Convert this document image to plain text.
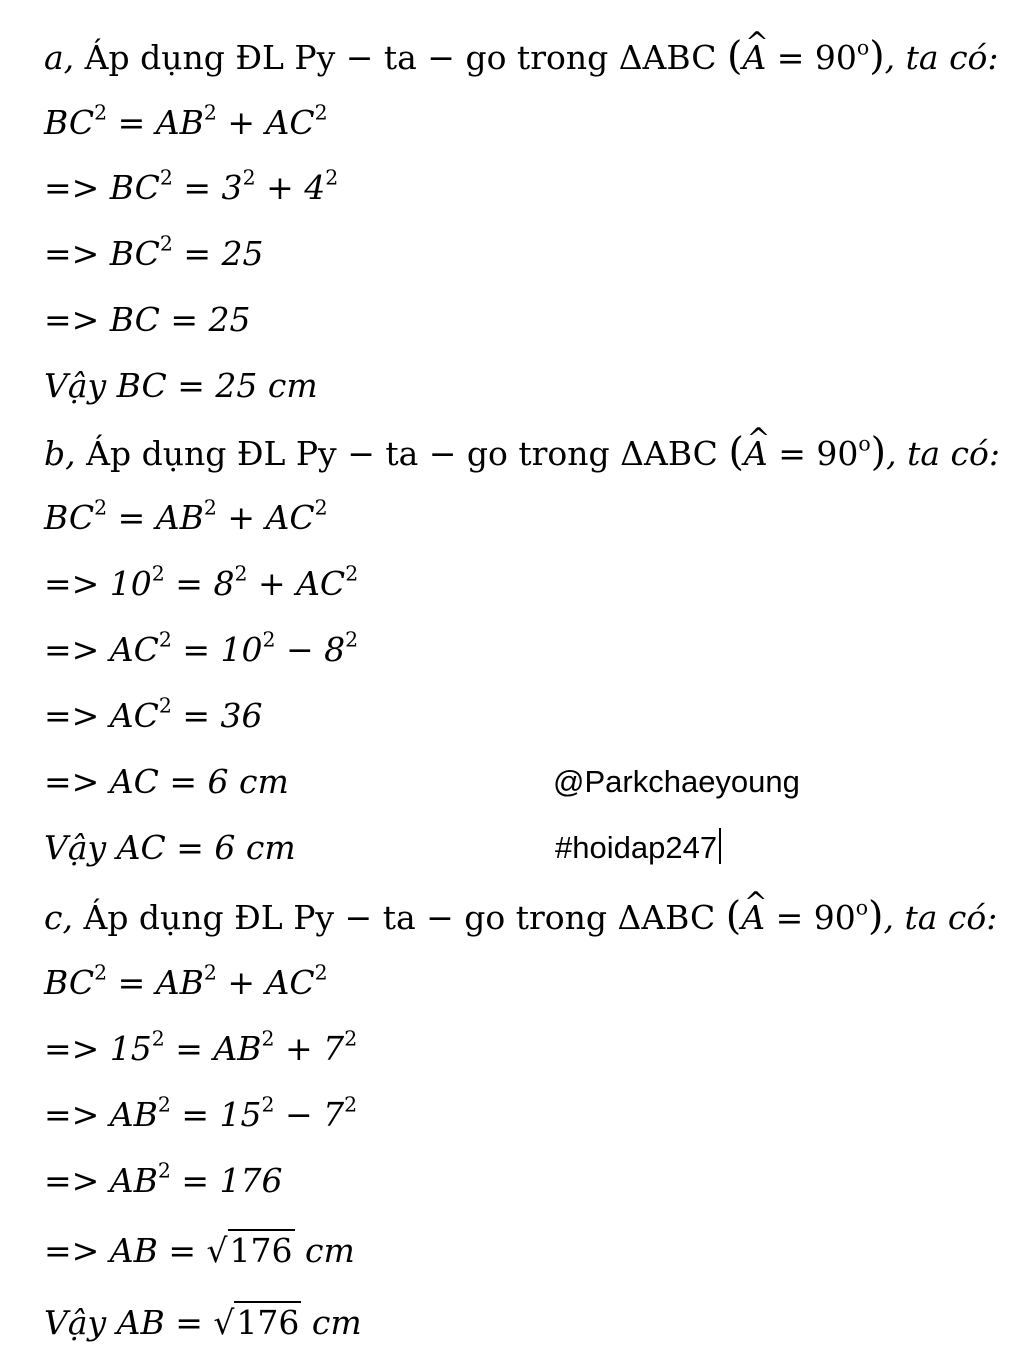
a, Áp dụng ĐL Py − ta − go trong ΔABC (^ $A = 90^o$), ta có:
$BC^2 = AB^2 + AC^2$
=> $BC^2 = 3^2 + 4^2$
=> $BC^2 = 25$
=> BC = 25
Vậy BC = 25 cm
b, Áp dụng ĐL Py − ta − go trong ΔABC (^ $A = 90^o$), ta có:
$BC^2 = AB^2 + AC^2$
=> $10^2 = 8^2 + AC^2$
=> $AC^2 = 10^2 - 8^2$
=> $AC^2 = 36$
=> AC = 6 cm
Vậy AC = 6 cm
c, Áp dụng ĐL Py − ta − go trong ΔABC (^ $A = 90^o$), ta có:
$BC^2 = AB^2 + AC^2$
=> $15^2 = AB^2 + 7^2$
=> $AB^2 = 15^2 - 7^2$
=> $AB^2 = 176$
=> AB = √176 cm
Vậy AB = √176 cm
@Parkchaeyoung
#hoidap247
